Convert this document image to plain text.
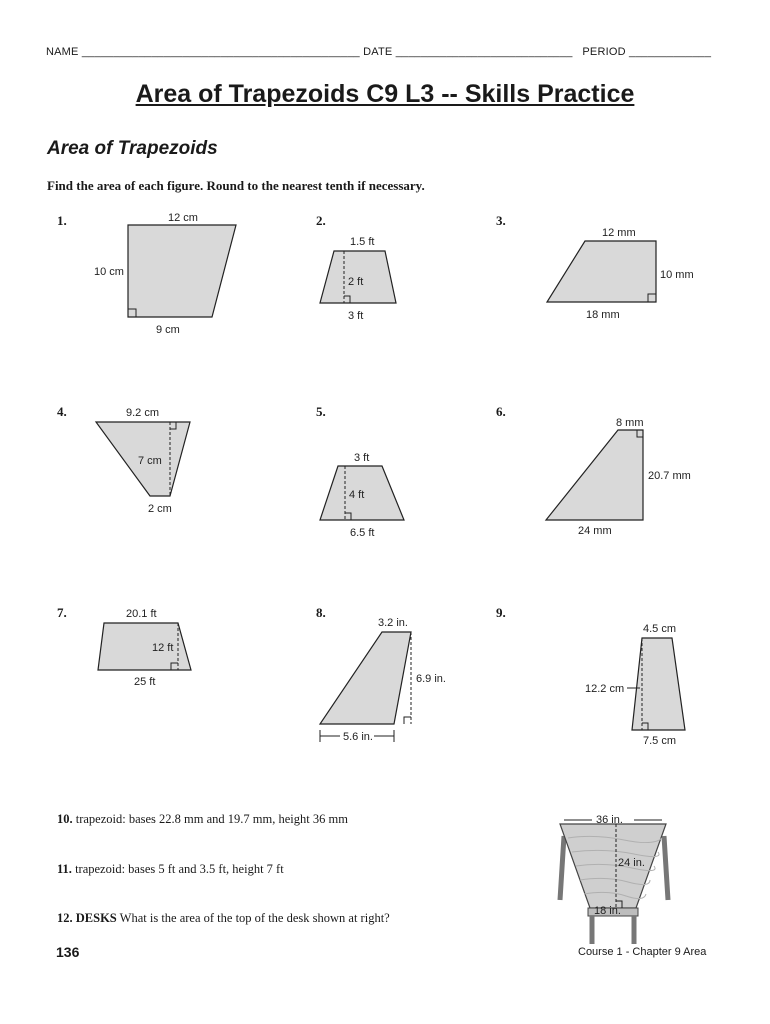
NAME ____________________________________________ DATE ____________________________ PERIOD _____________
Area of Trapezoids C9 L3 -- Skills Practice
Area of Trapezoids
Find the area of each figure. Round to the nearest tenth if necessary.
1.	2.	3.
4.	5.	6.
7.	8.	9.
12 cm
10 cm
9 cm
1.5 ft
2 ft
3 ft
12 mm
10 mm
18 mm
9.2 cm
7 cm
2 cm
3 ft
4 ft
6.5 ft
8 mm
20.7 mm
24 mm
20.1 ft
12 ft
25 ft
3.2 in.
6.9 in.
5.6 in.
4.5 cm
12.2 cm
7.5 cm
10. trapezoid: bases 22.8 mm and 19.7 mm, height 36 mm
11. trapezoid: bases 5 ft and 3.5 ft, height 7 ft
12. DESKS What is the area of the top of the desk shown at right?
36 in.
24 in.
18 in.
136	Course 1 - Chapter 9 Area
